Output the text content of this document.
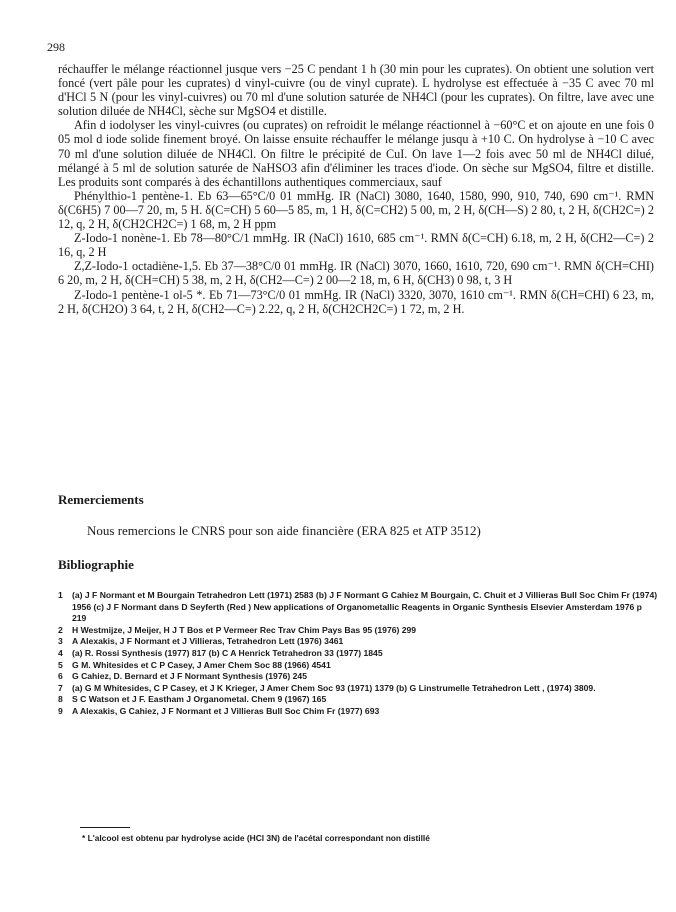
298

réchauffer le mélange réactionnel jusque vers −25 C pendant 1 h (30 min pour les cuprates). On obtient une solution vert foncé (vert pâle pour les cuprates) d vinyl-cuivre (ou de vinyl cuprate). L hydrolyse est effectuée à −35 C avec 70 ml d'HCl 5 N (pour les vinyl-cuivres) ou 70 ml d'une solution saturée de NH4Cl (pour les cuprates). On filtre, lave avec une solution diluée de NH4Cl, sèche sur MgSO4 et distille.

Afin d iodolyser les vinyl-cuivres (ou cuprates) on refroidit le mélange réactionnel à −60°C et on ajoute en une fois 0 05 mol d iode solide finement broyé. On laisse ensuite réchauffer le mélange jusqu à +10 C. On hydrolyse à −10 C avec 70 ml d'une solution diluée de NH4Cl. On filtre le précipité de CuI. On lave 1—2 fois avec 50 ml de NH4Cl dilué, mélangé à 5 ml de solution saturée de NaHSO3 afin d'éliminer les traces d'iode. On sèche sur MgSO4, filtre et distille. Les produits sont comparés à des échantillons authentiques commerciaux, sauf

Phénylthio-1 pentène-1. Eb 63—65°C/0 01 mmHg. IR (NaCl) 3080, 1640, 1580, 990, 910, 740, 690 cm⁻¹. RMN δ(C6H5) 7 00—7 20, m, 5 H. δ(C=CH) 5 60—5 85, m, 1 H, δ(C=CH2) 5 00, m, 2 H, δ(CH—S) 2 80, t, 2 H, δ(CH2C=) 2 12, q, 2 H, δ(CH2CH2C=) 1 68, m, 2 H ppm

Z-Iodo-1 nonène-1. Eb 78—80°C/1 mmHg. IR (NaCl) 1610, 685 cm⁻¹. RMN δ(C=CH) 6.18, m, 2 H, δ(CH2—C=) 2 16, q, 2 H

Z,Z-Iodo-1 octadiène-1,5. Eb 37—38°C/0 01 mmHg. IR (NaCl) 3070, 1660, 1610, 720, 690 cm⁻¹. RMN δ(CH=CHI) 6 20, m, 2 H, δ(CH=CH) 5 38, m, 2 H, δ(CH2—C=) 2 00—2 18, m, 6 H, δ(CH3) 0 98, t, 3 H

Z-Iodo-1 pentène-1 ol-5 *. Eb 71—73°C/0 01 mmHg. IR (NaCl) 3320, 3070, 1610 cm⁻¹. RMN δ(CH=CHI) 6 23, m, 2 H, δ(CH2O) 3 64, t, 2 H, δ(CH2—C=) 2.22, q, 2 H, δ(CH2CH2C=) 1 72, m, 2 H.

Remerciements
Nous remercions le CNRS pour son aide financière (ERA 825 et ATP 3512)
Bibliographie
1	(a) J F Normant et M Bourgain Tetrahedron Lett (1971) 2583 (b) J F Normant G Cahiez M Bourgain, C. Chuit et J Villieras Bull Soc Chim Fr (1974) 1956 (c) J F Normant dans D Seyferth (Red ) New applications of Organometallic Reagents in Organic Synthesis Elsevier Amsterdam 1976 p 219
2	H Westmijze, J Meijer, H J T Bos et P Vermeer Rec Trav Chim Pays Bas 95 (1976) 299
3	A Alexakis, J F Normant et J Villieras, Tetrahedron Lett (1976) 3461
4	(a) R. Rossi Synthesis (1977) 817 (b) C A Henrick Tetrahedron 33 (1977) 1845
5	G M. Whitesides et C P Casey, J Amer Chem Soc 88 (1966) 4541
6	G Cahiez, D. Bernard et J F Normant Synthesis (1976) 245
7	(a) G M Whitesides, C P Casey, et J K Krieger, J Amer Chem Soc 93 (1971) 1379 (b) G Linstrumelle Tetrahedron Lett , (1974) 3809.
8	S C Watson et J F. Eastham J Organometal. Chem 9 (1967) 165
9	A Alexakis, G Cahiez, J F Normant et J Villieras Bull Soc Chim Fr (1977) 693
* L'alcool est obtenu par hydrolyse acide (HCl 3N) de l'acétal correspondant non distillé
